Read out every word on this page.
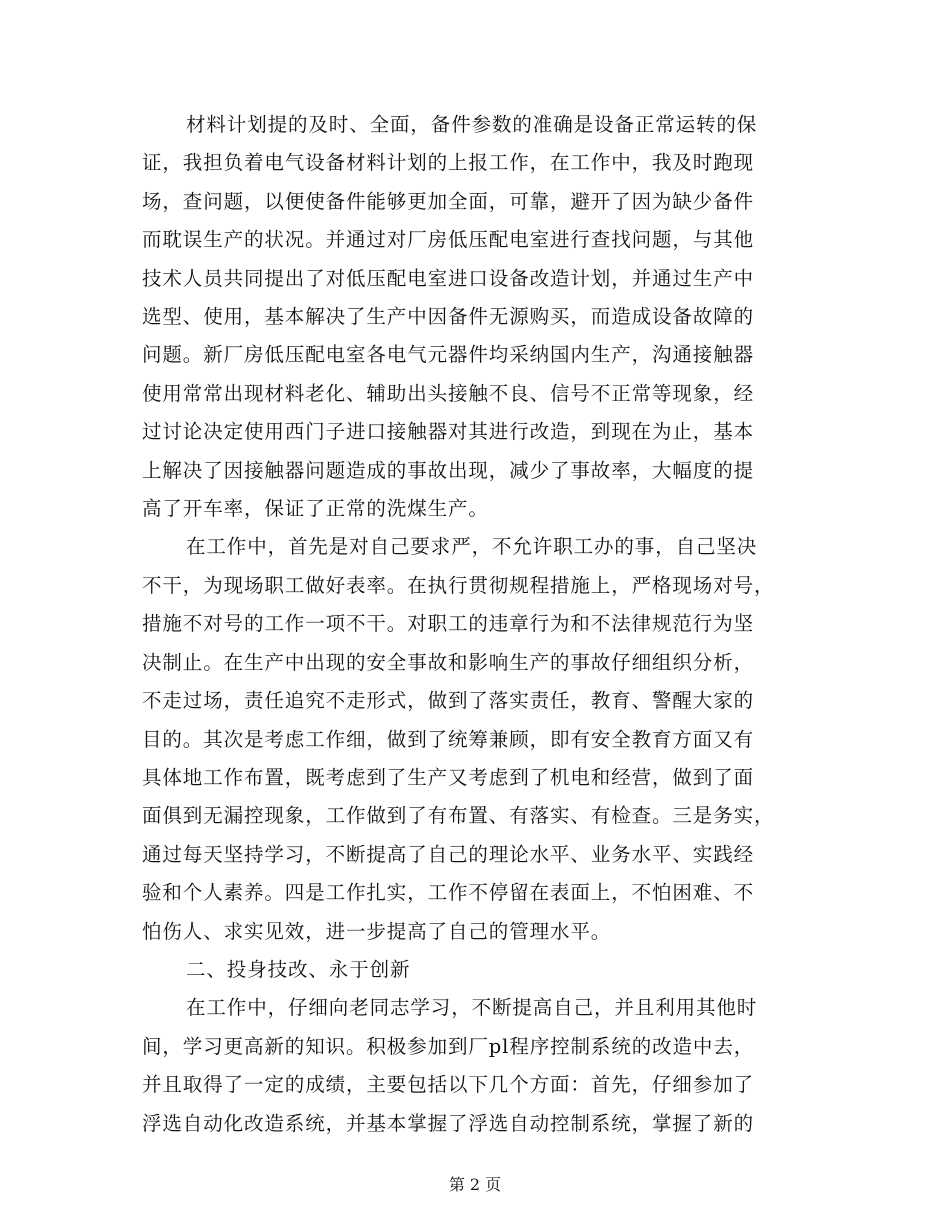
材料计划提的及时、全面，备件参数的准确是设备正常运转的保
证，我担负着电气设备材料计划的上报工作，在工作中，我及时跑现
场，查问题，以便使备件能够更加全面，可靠，避开了因为缺少备件
而耽误生产的状况。并通过对厂房低压配电室进行查找问题，与其他
技术人员共同提出了对低压配电室进口设备改造计划，并通过生产中
选型、使用，基本解决了生产中因备件无源购买，而造成设备故障的
问题。新厂房低压配电室各电气元器件均采纳国内生产，沟通接触器
使用常常出现材料老化、辅助出头接触不良、信号不正常等现象，经
过讨论决定使用西门子进口接触器对其进行改造，到现在为止，基本
上解决了因接触器问题造成的事故出现，减少了事故率，大幅度的提
高了开车率，保证了正常的洗煤生产。

在工作中，首先是对自己要求严，不允许职工办的事，自己坚决
不干，为现场职工做好表率。在执行贯彻规程措施上，严格现场对号，
措施不对号的工作一项不干。对职工的违章行为和不法律规范行为坚
决制止。在生产中出现的安全事故和影响生产的事故仔细组织分析，
不走过场，责任追究不走形式，做到了落实责任，教育、警醒大家的
目的。其次是考虑工作细，做到了统筹兼顾，即有安全教育方面又有
具体地工作布置，既考虑到了生产又考虑到了机电和经营，做到了面
面俱到无漏控现象，工作做到了有布置、有落实、有检查。三是务实，
通过每天坚持学习，不断提高了自己的理论水平、业务水平、实践经
验和个人素养。四是工作扎实，工作不停留在表面上，不怕困难、不
怕伤人、求实见效，进一步提高了自己的管理水平。

二、投身技改、永于创新

在工作中，仔细向老同志学习，不断提高自己，并且利用其他时
间，学习更高新的知识。积极参加到厂pl程序控制系统的改造中去，
并且取得了一定的成绩，主要包括以下几个方面：首先，仔细参加了
浮选自动化改造系统，并基本掌握了浮选自动控制系统，掌握了新的

第 2 页
